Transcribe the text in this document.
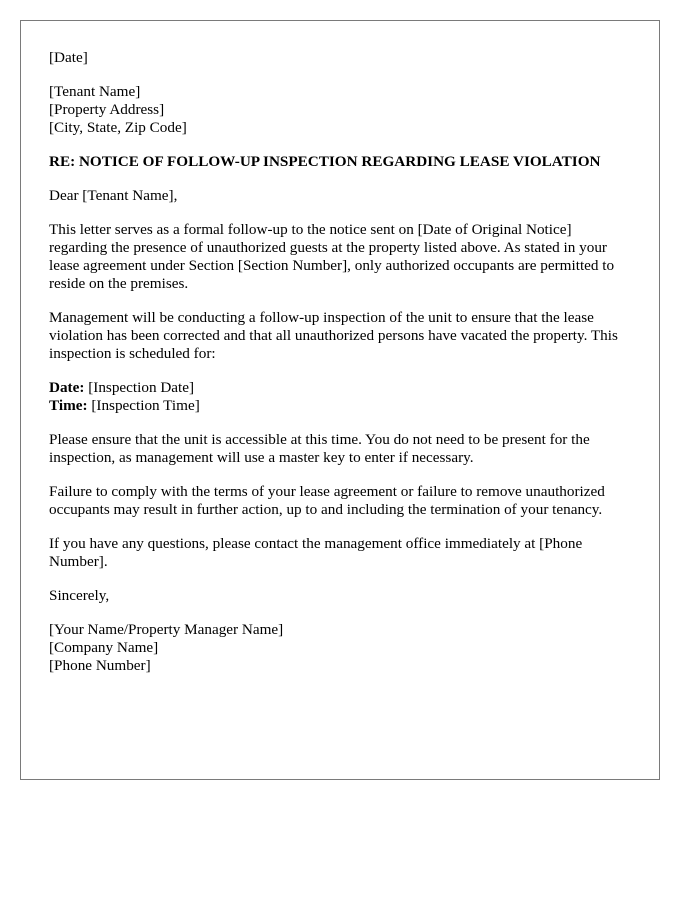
[Date]

[Tenant Name]
[Property Address]
[City, State, Zip Code]

RE: NOTICE OF FOLLOW-UP INSPECTION REGARDING LEASE VIOLATION

Dear [Tenant Name],

This letter serves as a formal follow-up to the notice sent on [Date of Original Notice] regarding the presence of unauthorized guests at the property listed above. As stated in your lease agreement under Section [Section Number], only authorized occupants are permitted to reside on the premises.

Management will be conducting a follow-up inspection of the unit to ensure that the lease violation has been corrected and that all unauthorized persons have vacated the property. This inspection is scheduled for:

Date: [Inspection Date]
Time: [Inspection Time]

Please ensure that the unit is accessible at this time. You do not need to be present for the inspection, as management will use a master key to enter if necessary.

Failure to comply with the terms of your lease agreement or failure to remove unauthorized occupants may result in further action, up to and including the termination of your tenancy.

If you have any questions, please contact the management office immediately at [Phone Number].

Sincerely,

[Your Name/Property Manager Name]
[Company Name]
[Phone Number]
